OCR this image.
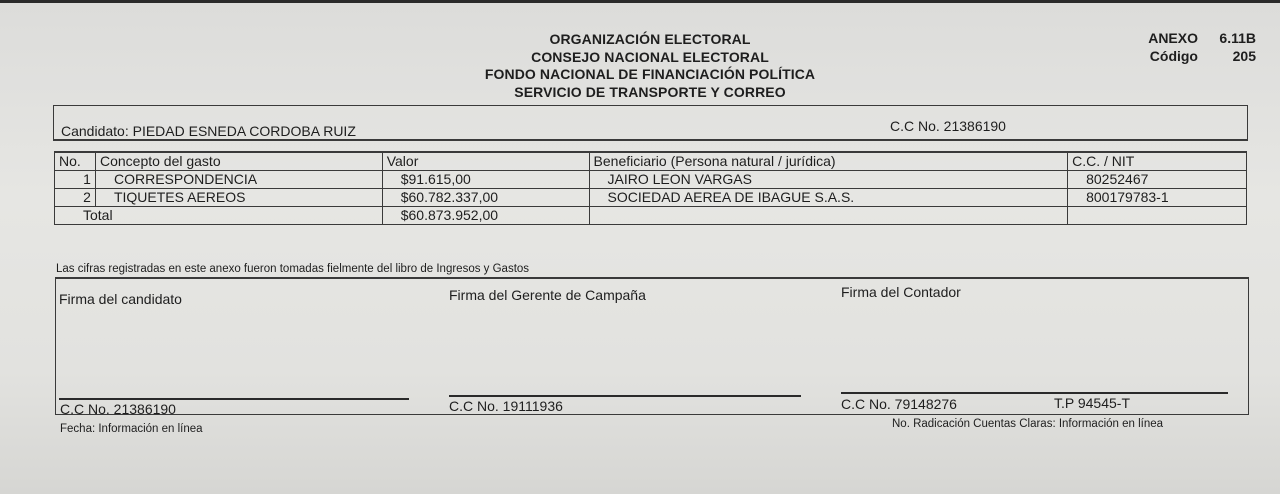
ORGANIZACIÓN ELECTORAL
CONSEJO NACIONAL ELECTORAL
FONDO NACIONAL DE FINANCIACIÓN POLÍTICA
SERVICIO DE TRANSPORTE Y CORREO
ANEXO 6.11B
Código	205
Candidato: PIEDAD ESNEDA CORDOBA RUIZ	C.C No. 21386190
No.	Concepto del gasto	Valor	Beneficiario (Persona natural / jurídica)	C.C. / NIT
1	CORRESPONDENCIA	$91.615,00	JAIRO LEON VARGAS	80252467
2	TIQUETES AEREOS	$60.782.337,00	SOCIEDAD AEREA DE IBAGUE S.A.S.	800179783-1
Total		$60.873.952,00		
Las cifras registradas en este anexo fueron tomadas fielmente del libro de Ingresos y Gastos
Firma del candidato	Firma del Gerente de Campaña	Firma del Contador
C.C No. 21386190	C.C No. 19111936	C.C No. 79148276	T.P 94545-T
Fecha: Información en línea	No. Radicación Cuentas Claras: Información en línea
